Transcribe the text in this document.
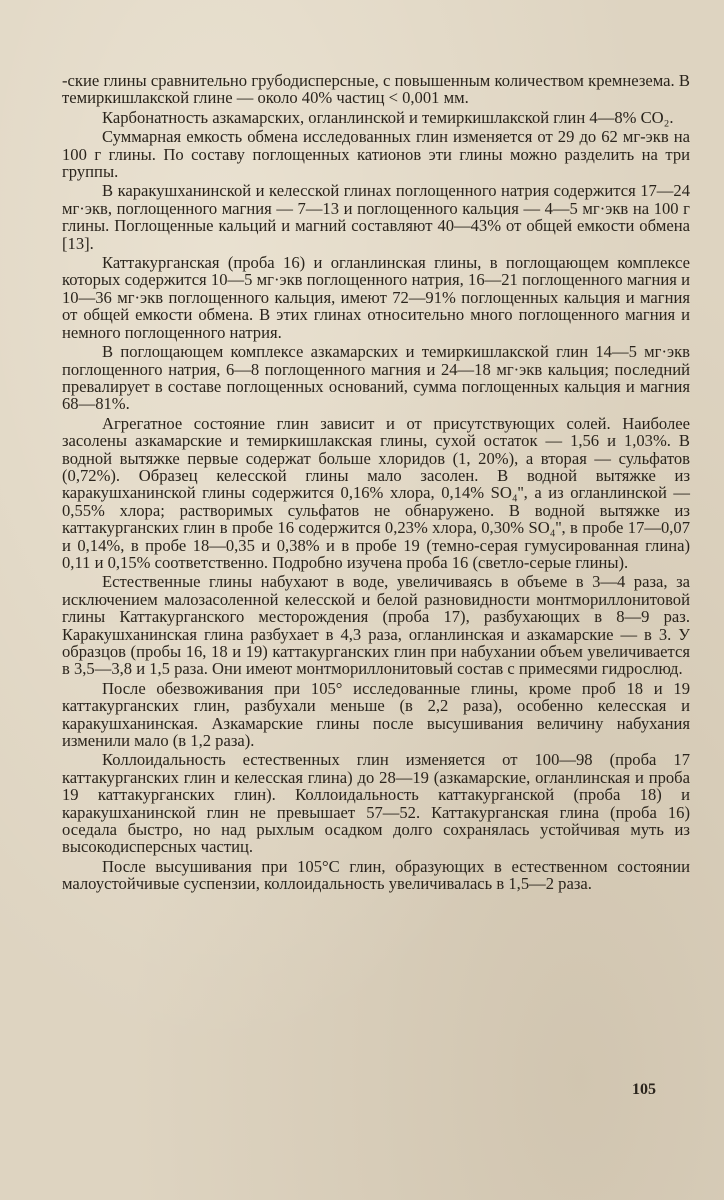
-ские глины сравнительно грубодисперсные, с повышенным количеством кремнезема. В темиркишлакской глине — около 40% частиц < 0,001 мм.

Карбонатность азкамарских, огланлинской и темиркишлакской глин 4—8% CO₂.

Суммарная емкость обмена исследованных глин изменяется от 29 до 62 мг-экв на 100 г глины. По составу поглощенных катионов эти глины можно разделить на три группы.

В каракушханинской и келесской глинах поглощенного натрия содержится 17—24 мг·экв, поглощенного магния — 7—13 и поглощенного кальция — 4—5 мг·экв на 100 г глины. Поглощенные кальций и магний составляют 40—43% от общей емкости обмена [13].

Каттакурганская (проба 16) и огланлинская глины, в поглощающем комплексе которых содержится 10—5 мг·экв поглощенного натрия, 16—21 поглощенного магния и 10—36 мг·экв поглощенного кальция, имеют 72—91% поглощенных кальция и магния от общей емкости обмена. В этих глинах относительно много поглощенного магния и немного поглощенного натрия.

В поглощающем комплексе азкамарских и темиркишлакской глин 14—5 мг·экв поглощенного натрия, 6—8 поглощенного магния и 24—18 мг·экв кальция; последний превалирует в составе поглощенных оснований, сумма поглощенных кальция и магния 68—81%.

Агрегатное состояние глин зависит и от присутствующих солей. Наиболее засолены азкамарские и темиркишлакская глины, сухой остаток — 1,56 и 1,03%. В водной вытяжке первые содержат больше хлоридов (1, 20%), а вторая — сульфатов (0,72%). Образец келесской глины мало засолен. В водной вытяжке из каракушханинской глины содержится 0,16% хлора, 0,14% SO₄'', а из огланлинской — 0,55% хлора; растворимых сульфатов не обнаружено. В водной вытяжке из каттакурганских глин в пробе 16 содержится 0,23% хлора, 0,30% SO₄'', в пробе 17—0,07 и 0,14%, в пробе 18—0,35 и 0,38% и в пробе 19 (темно-серая гумусированная глина) 0,11 и 0,15% соответственно. Подробно изучена проба 16 (светло-серые глины).

Естественные глины набухают в воде, увеличиваясь в объеме в 3—4 раза, за исключением малозасоленной келесской и белой разновидности монтмориллонитовой глины Каттакурганского месторождения (проба 17), разбухающих в 8—9 раз. Каракушханинская глина разбухает в 4,3 раза, огланлинская и азкамарские — в 3. У образцов (пробы 16, 18 и 19) каттакурганских глин при набухании объем увеличивается в 3,5—3,8 и 1,5 раза. Они имеют монтмориллонитовый состав с примесями гидрослюд.

После обезвоживания при 105° исследованные глины, кроме проб 18 и 19 каттакурганских глин, разбухали меньше (в 2,2 раза), особенно келесская и каракушханинская. Азкамарские глины после высушивания величину набухания изменили мало (в 1,2 раза).

Коллоидальность естественных глин изменяется от 100—98 (проба 17 каттакурганских глин и келесская глина) до 28—19 (азкамарские, огланлинская и проба 19 каттакурганских глин). Коллоидальность каттакурганской (проба 18) и каракушханинской глин не превышает 57—52. Каттакурганская глина (проба 16) оседала быстро, но над рыхлым осадком долго сохранялась устойчивая муть из высокодисперсных частиц.

После высушивания при 105°C глин, образующих в естественном состоянии малоустойчивые суспензии, коллоидальность увеличивалась в 1,5—2 раза.

105
